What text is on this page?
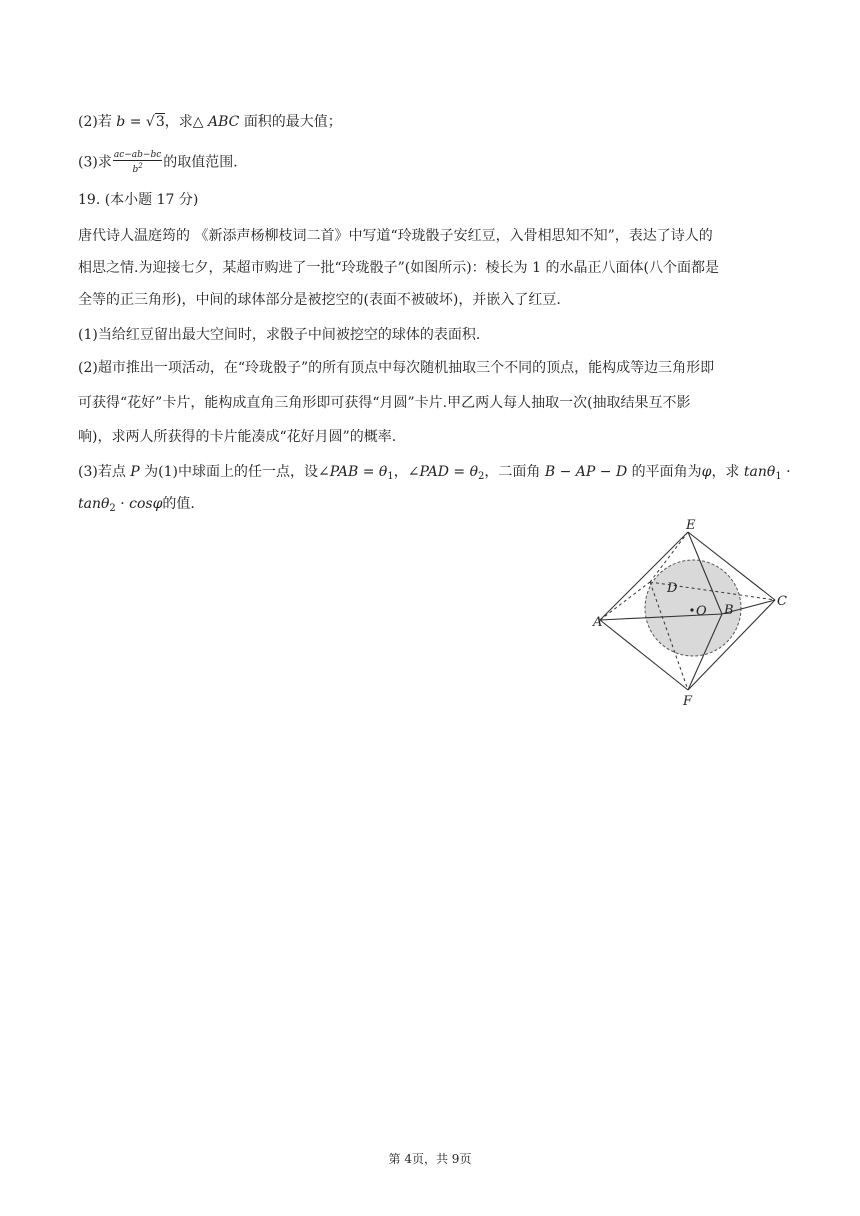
(2)若 b = √3，求△ ABC 面积的最大值；
(3)求 $\frac{ac-ab-bc}{b^2}$ 的取值范围.
19. (本小题 17 分)
唐代诗人温庭筠的 《新添声杨柳枝词二首》中写道“玲珑骰子安红豆，入骨相思知不知”，表达了诗人的
相思之情.为迎接七夕，某超市购进了一批“玲珑骰子”(如图所示)：棱长为 1 的水晶正八面体(八个面都是
全等的正三角形)，中间的球体部分是被挖空的(表面不被破坏)，并嵌入了红豆.
(1)当给红豆留出最大空间时，求骰子中间被挖空的球体的表面积.
(2)超市推出一项活动，在“玲珑骰子”的所有顶点中每次随机抽取三个不同的顶点，能构成等边三角形即
可获得“花好”卡片，能构成直角三角形即可获得“月圆”卡片.甲乙两人每人抽取一次(抽取结果互不影
响)，求两人所获得的卡片能凑成“花好月圆”的概率.
(3)若点 P 为(1)中球面上的任一点，设∠PAB = $\theta_1$，∠PAD = $\theta_2$，二面角 B − AP − D 的平面角为φ，求 tanθ$_1$ ·
tanθ$_2$ · cosφ的值.
E
D
O B
C
A
F
第 4页，共 9页
